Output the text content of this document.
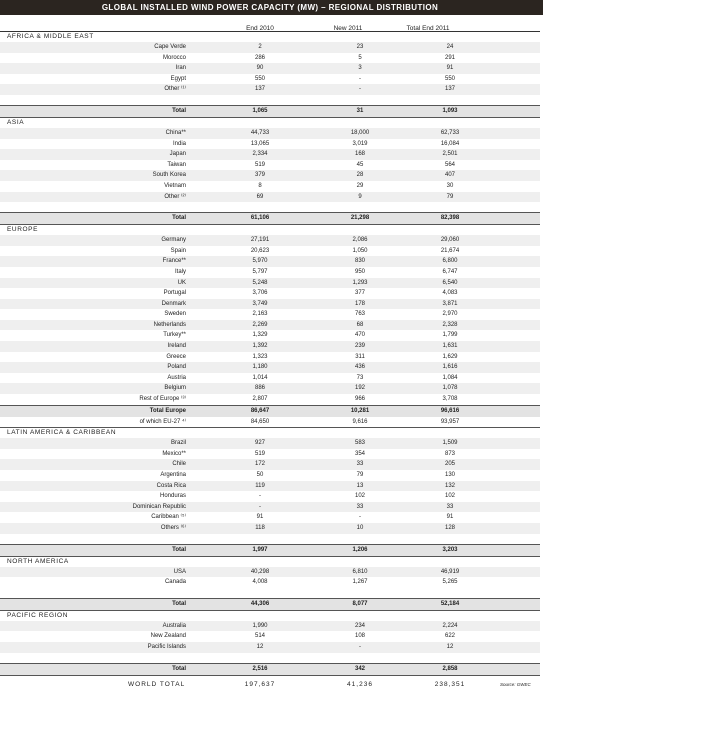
GLOBAL INSTALLED WIND POWER CAPACITY (MW) – REGIONAL DISTRIBUTION
End 2010	New 2011	Total End 2011
AFRICA & MIDDLE EAST
Cape Verde	2	23	24
Morocco	286	5	291
Iran	90	3	91
Egypt	550	-	550
Other ⁽¹⁾	137	-	137
Total	1,065	31	1,093
ASIA
China**	44,733	18,000	62,733
India	13,065	3,019	16,084
Japan	2,334	168	2,501
Taiwan	519	45	564
South Korea	379	28	407
Vietnam	8	29	30
Other ⁽²⁾	69	9	79
Total	61,106	21,298	82,398
EUROPE
Germany	27,191	2,086	29,060
Spain	20,623	1,050	21,674
France**	5,970	830	6,800
Italy	5,797	950	6,747
UK	5,248	1,293	6,540
Portugal	3,706	377	4,083
Denmark	3,749	178	3,871
Sweden	2,163	763	2,970
Netherlands	2,269	68	2,328
Turkey**	1,329	470	1,799
Ireland	1,392	239	1,631
Greece	1,323	311	1,629
Poland	1,180	436	1,616
Austria	1,014	73	1,084
Belgium	886	192	1,078
Rest of Europe ⁽³⁾	2,807	966	3,708
Total Europe	86,647	10,281	96,616
of which EU-27 ⁴⁾	84,650	9,616	93,957
LATIN AMERICA & CARIBBEAN
Brazil	927	583	1,509
Mexico**	519	354	873
Chile	172	33	205
Argentina	50	79	130
Costa Rica	119	13	132
Honduras	-	102	102
Dominican Republic	-	33	33
Caribbean ⁽⁵⁾	91	-	91
Others ⁽⁶⁾	118	10	128
Total	1,997	1,206	3,203
NORTH AMERICA
USA	40,298	6,810	46,919
Canada	4,008	1,267	5,265
Total	44,306	8,077	52,184
PACIFIC REGION
Australia	1,990	234	2,224
New Zealand	514	108	622
Pacific Islands	12	-	12
Total	2,516	342	2,858
WORLD TOTAL	197,637	41,236	238,351	Source: GWEC
